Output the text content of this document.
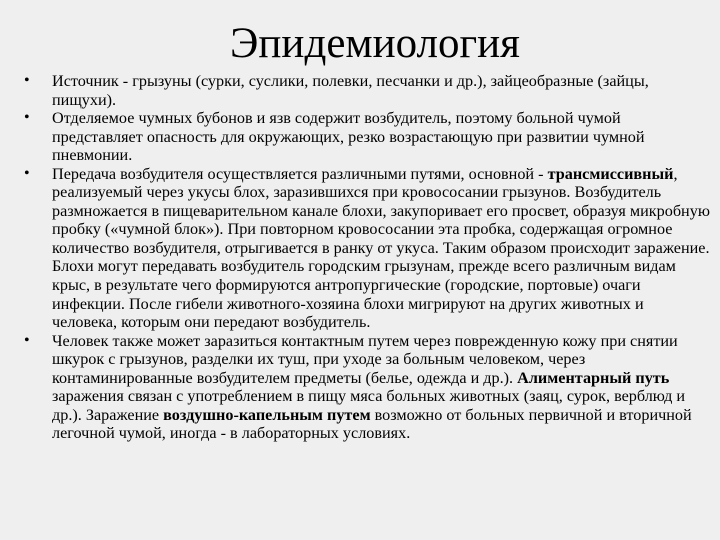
Эпидемиология
• Источник - грызуны (сурки, суслики, полевки, песчанки и др.), зайцеобразные (зайцы, пищухи).
• Отделяемое чумных бубонов и язв содержит возбудитель, поэтому больной чумой представляет опасность для окружающих, резко возрастающую при развитии чумной пневмонии.
• Передача возбудителя осуществляется различными путями, основной - трансмиссивный, реализуемый через укусы блох, заразившихся при кровососании грызунов. Возбудитель размножается в пищеварительном канале блохи, закупоривает его просвет, образуя микробную пробку («чумной блок»). При повторном кровососании эта пробка, содержащая огромное количество возбудителя, отрыгивается в ранку от укуса. Таким образом происходит заражение. Блохи могут передавать возбудитель городским грызунам, прежде всего различным видам крыс, в результате чего формируются антропургические (городские, портовые) очаги инфекции. После гибели животного-хозяина блохи мигрируют на других животных и человека, которым они передают возбудитель.
• Человек также может заразиться контактным путем через поврежденную кожу при снятии шкурок с грызунов, разделки их туш, при уходе за больным человеком, через контаминированные возбудителем предметы (белье, одежда и др.). Алиментарный путь заражения связан с употреблением в пищу мяса больных животных (заяц, сурок, верблюд и др.). Заражение воздушно-капельным путем возможно от больных первичной и вторичной легочной чумой, иногда - в лабораторных условиях.
